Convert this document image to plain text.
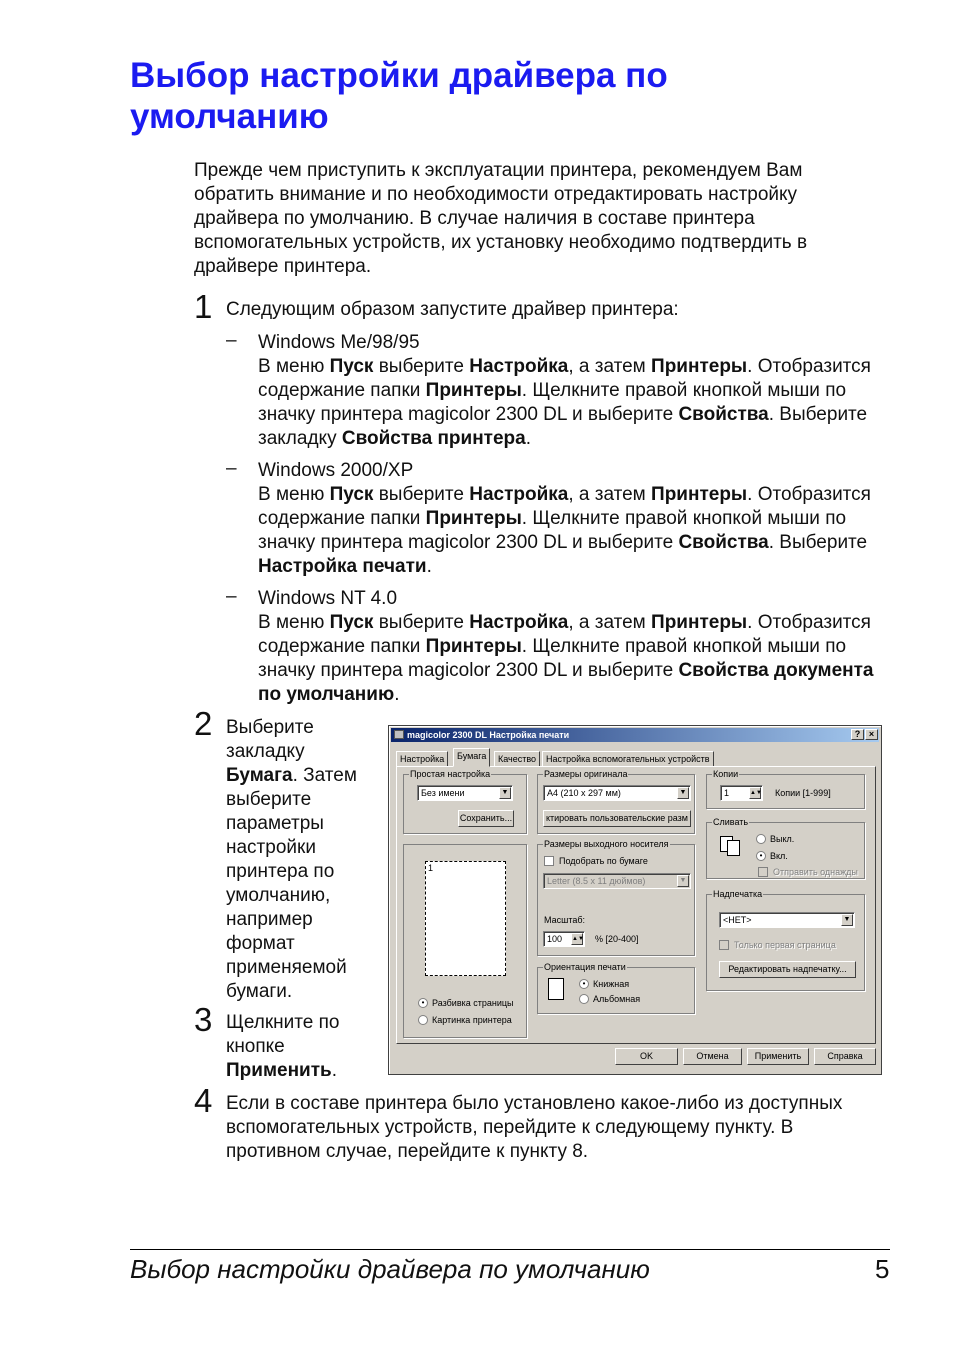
Выбор настройки драйвера по умолчанию
Прежде чем приступить к эксплуатации принтера, рекомендуем Вам обратить внимание и по необходимости отредактировать настройку драйвера по умолчанию. В случае наличия в составе принтера вспомогательных устройств, их установку необходимо подтвердить в драйвере принтера.
1 Следующим образом запустите драйвер принтера:
– Windows Me/98/95
В меню Пуск выберите Настройка, а затем Принтеры. Отобразится содержание папки Принтеры. Щелкните правой кнопкой мыши по значку принтера magicolor 2300 DL и выберите Свойства. Выберите закладку Свойства принтера.
– Windows 2000/XP
В меню Пуск выберите Настройка, а затем Принтеры. Отобразится содержание папки Принтеры. Щелкните правой кнопкой мыши по значку принтера magicolor 2300 DL и выберите Свойства. Выберите Настройка печати.
– Windows NT 4.0
В меню Пуск выберите Настройка, а затем Принтеры. Отобразится содержание папки Принтеры. Щелкните правой кнопкой мыши по значку принтера magicolor 2300 DL и выберите Свойства документа по умолчанию.
2 Выберите закладку Бумага. Затем выберите параметры настройки принтера по умолчанию, например формат применяемой бумаги.
3 Щелкните по кнопке Применить.
4 Если в составе принтера было установлено какое-либо из доступных вспомогательных устройств, перейдите к следующему пункту. В противном случае, перейдите к пункту 8.
magicolor 2300 DL Настройка печати	? ×
Настройка	Бумага	Качество	Настройка вспомогательных устройств
Простая настройка
Без имени	▼
Сохранить...
1
• Разбивка страницы
Картинка принтера
Размеры оригинала
A4 (210 x 297 мм)	▼
ктировать пользовательские разм
Размеры выходного носителя
Подобрать по бумаге
Letter (8.5 x 11 дюймов)	▼
Масштаб:
100 ▲▼ % [20-400]
Ориентация печати
• Книжная
Альбомная
Копии
1	▲▼ Копии [1-999]
Сливать
Выкл.
• Вкл.
Отправить однажды
Надпечатка
<НЕТ>	▼
Только первая страница
Редактировать надпечатку...
OK	Отмена	Применить	Справка
Выбор настройки драйвера по умолчанию	5
